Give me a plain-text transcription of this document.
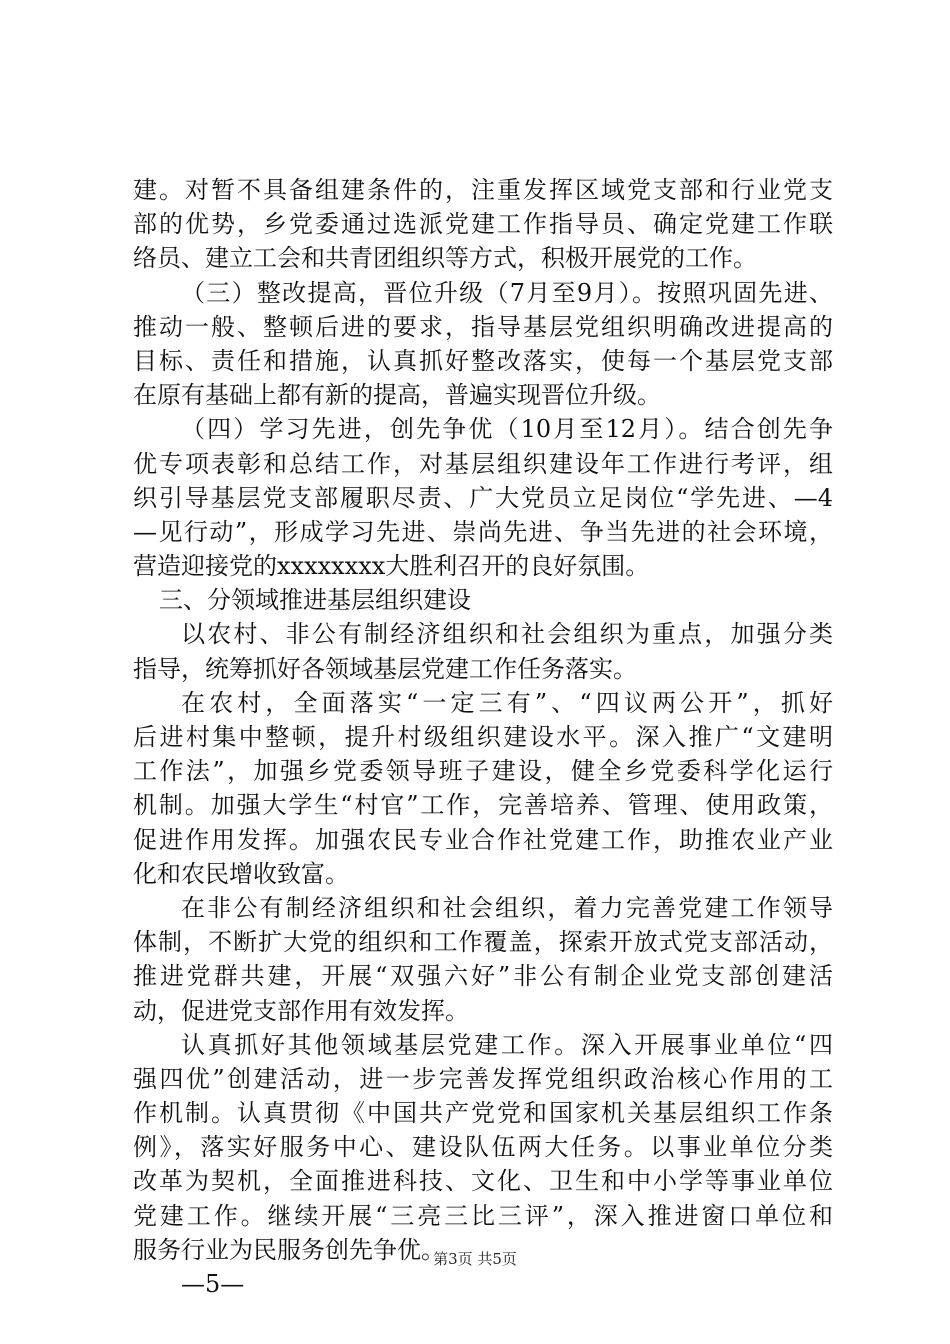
建。对暂不具备组建条件的，注重发挥区域党支部和行业党支
部的优势，乡党委通过选派党建工作指导员、确定党建工作联
络员、建立工会和共青团组织等方式，积极开展党的工作。
（三）整改提高，晋位升级（7月至9月）。按照巩固先进、
推动一般、整顿后进的要求，指导基层党组织明确改进提高的
目标、责任和措施，认真抓好整改落实，使每一个基层党支部
在原有基础上都有新的提高，普遍实现晋位升级。
（四）学习先进，创先争优（10月至12月）。结合创先争
优专项表彰和总结工作，对基层组织建设年工作进行考评，组
织引导基层党支部履职尽责、广大党员立足岗位“学先进、—4
—见行动”，形成学习先进、崇尚先进、争当先进的社会环境，
营造迎接党的xxxxxxxx大胜利召开的良好氛围。
三、分领域推进基层组织建设
以农村、非公有制经济组织和社会组织为重点，加强分类
指导，统筹抓好各领域基层党建工作任务落实。
在农村，全面落实“一定三有”、“四议两公开”，抓好
后进村集中整顿，提升村级组织建设水平。深入推广“文建明
工作法”，加强乡党委领导班子建设，健全乡党委科学化运行
机制。加强大学生“村官”工作，完善培养、管理、使用政策，
促进作用发挥。加强农民专业合作社党建工作，助推农业产业
化和农民增收致富。
在非公有制经济组织和社会组织，着力完善党建工作领导
体制，不断扩大党的组织和工作覆盖，探索开放式党支部活动，
推进党群共建，开展“双强六好”非公有制企业党支部创建活
动，促进党支部作用有效发挥。
认真抓好其他领域基层党建工作。深入开展事业单位“四
强四优”创建活动，进一步完善发挥党组织政治核心作用的工
作机制。认真贯彻《中国共产党党和国家机关基层组织工作条
例》，落实好服务中心、建设队伍两大任务。以事业单位分类
改革为契机，全面推进科技、文化、卫生和中小学等事业单位
党建工作。继续开展“三亮三比三评”，深入推进窗口单位和
服务行业为民服务创先争优。
—5—
第3页 共5页
